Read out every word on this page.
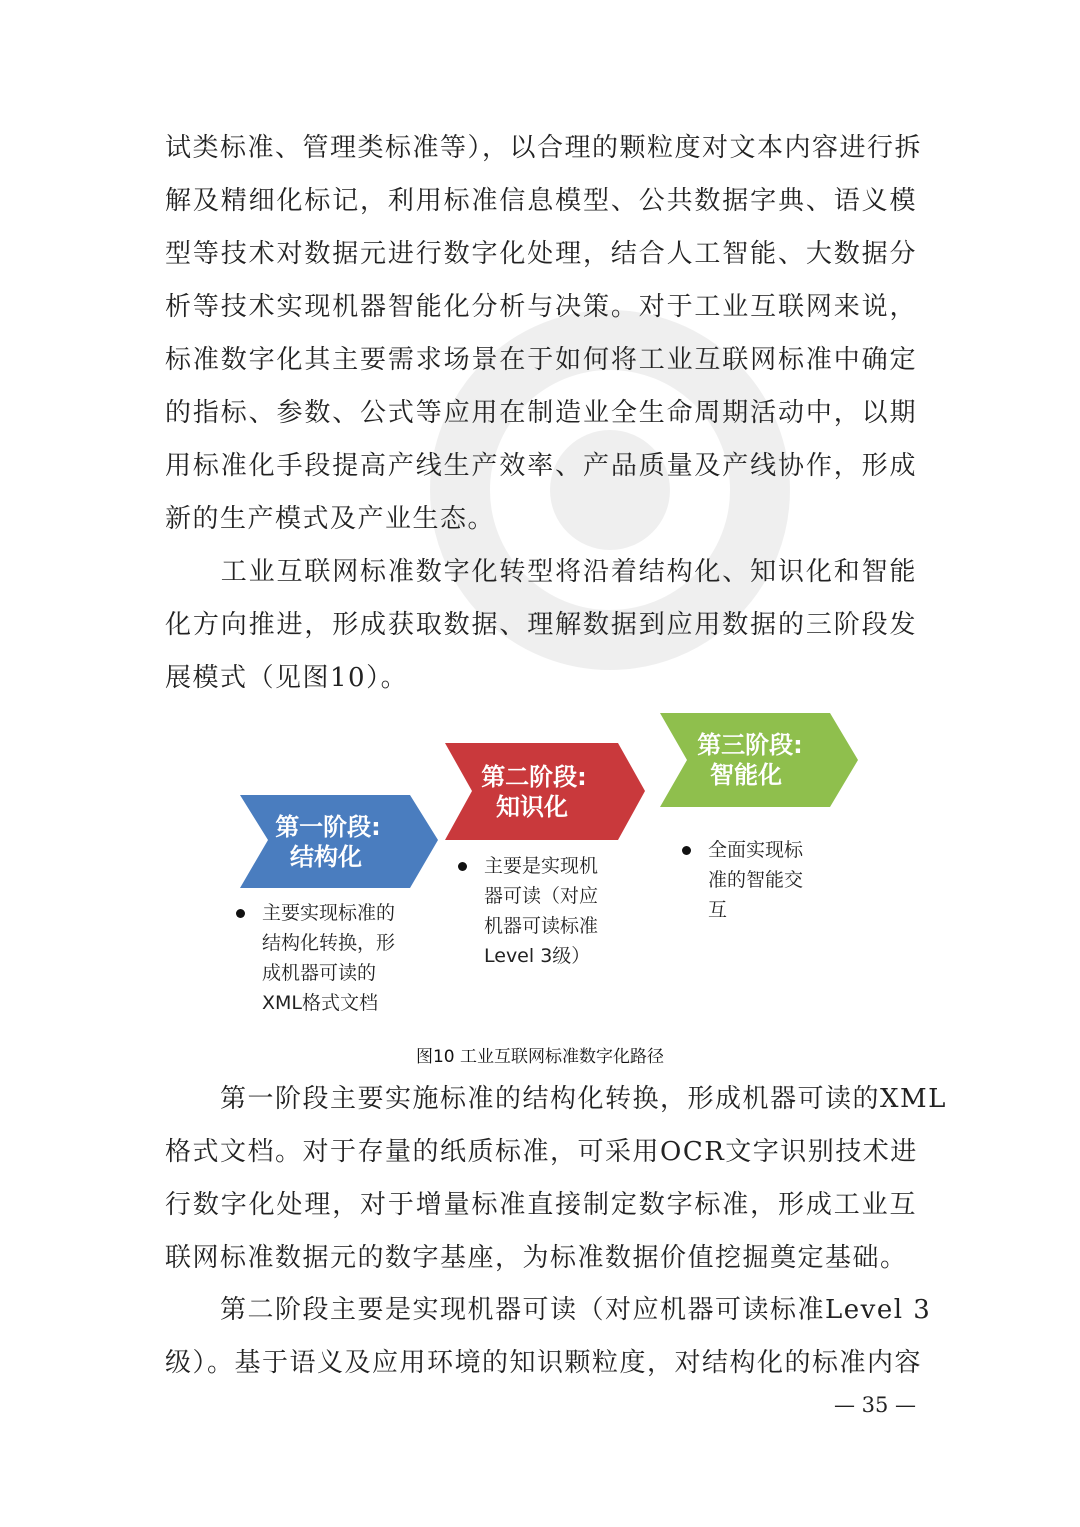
试类标准、管理类标准等），以合理的颗粒度对文本内容进行拆
解及精细化标记，利用标准信息模型、公共数据字典、语义模
型等技术对数据元进行数字化处理，结合人工智能、大数据分
析等技术实现机器智能化分析与决策。对于工业互联网来说，
标准数字化其主要需求场景在于如何将工业互联网标准中确定
的指标、参数、公式等应用在制造业全生命周期活动中，以期
用标准化手段提高产线生产效率、产品质量及产线协作，形成
新的生产模式及产业生态。
　　工业互联网标准数字化转型将沿着结构化、知识化和智能
化方向推进，形成获取数据、理解数据到应用数据的三阶段发
展模式（见图10）。
第一阶段:
结构化
第二阶段:
知识化
第三阶段:
智能化
主要实现标准的
结构化转换，形
成机器可读的
XML格式文档
主要是实现机
器可读（对应
机器可读标准
Level 3级）
全面实现标
准的智能交
互
图10 工业互联网标准数字化路径
　　第一阶段主要实施标准的结构化转换，形成机器可读的XML
格式文档。对于存量的纸质标准，可采用OCR文字识别技术进
行数字化处理，对于增量标准直接制定数字标准，形成工业互
联网标准数据元的数字基座，为标准数据价值挖掘奠定基础。
　　第二阶段主要是实现机器可读（对应机器可读标准Level 3
级）。基于语义及应用环境的知识颗粒度，对结构化的标准内容
— 35 —
